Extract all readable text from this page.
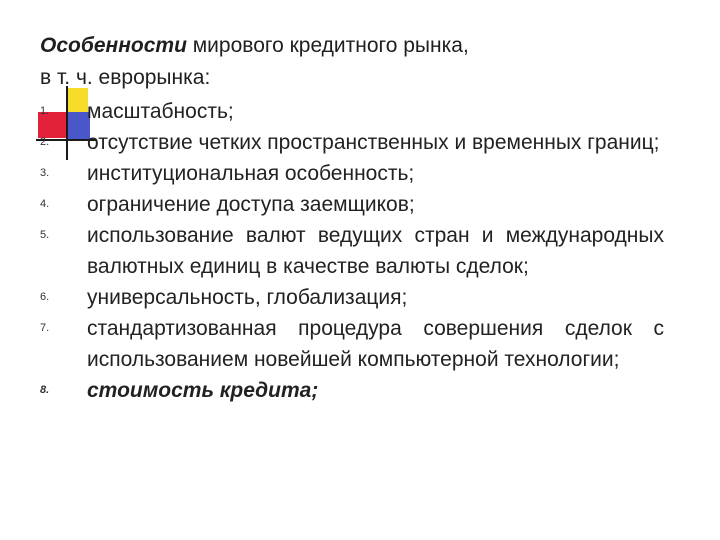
Особенности мирового кредитного рынка,
в т. ч. еврорынка:
1.	масштабность;
2.	отсутствие четких пространственных и временных границ;
3.	институциональная особенность;
4.	ограничение доступа заемщиков;
5.	использование валют ведущих стран и международных валютных единиц в качестве валюты сделок;
6.	универсальность, глобализация;
7.	стандартизованная процедура совершения сделок с использованием новейшей компьютерной технологии;
8.	стоимость кредита;
